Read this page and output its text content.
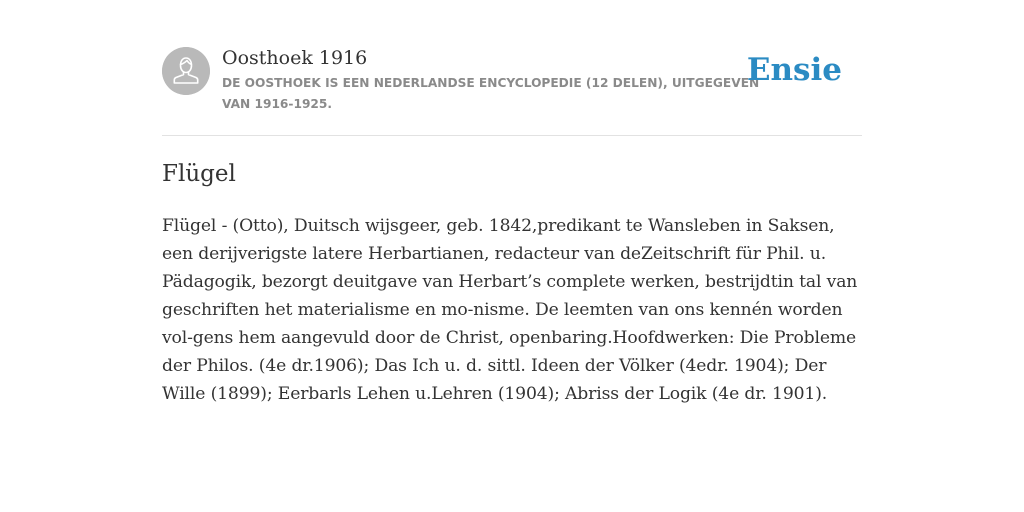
Oosthoek 1916
DE OOSTHOEK IS EEN NEDERLANDSE ENCYCLOPEDIE (12 DELEN), UITGEGEVEN VAN 1916-1925.
Ensie
Flügel

Flügel - (Otto), Duitsch wijsgeer, geb. 1842,predikant te Wansleben in Saksen, een derijverigste latere Herbartianen, redacteur van deZeitschrift für Phil. u. Pädagogik, bezorgt deuitgave van Herbart’s complete werken, bestrijdtin tal van geschriften het materialisme en mo-nisme. De leemten van ons kennén worden vol-gens hem aangevuld door de Christ, openbaring.Hoofdwerken: Die Probleme der Philos. (4e dr.1906); Das Ich u. d. sittl. Ideen der Völker (4edr. 1904); Der Wille (1899); Eerbarls Lehen u.Lehren (1904); Abriss der Logik (4e dr. 1901).
